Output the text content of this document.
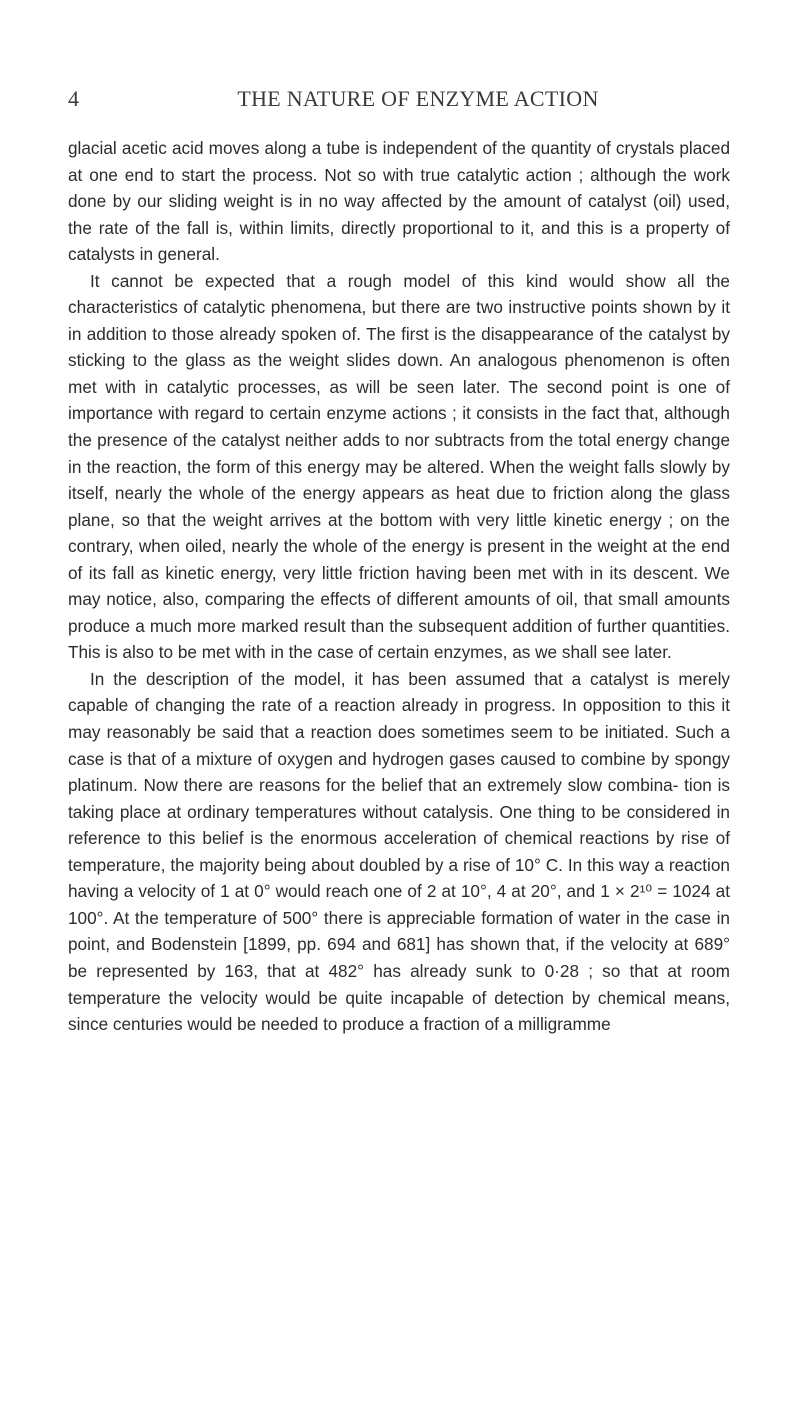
4	THE NATURE OF ENZYME ACTION

glacial acetic acid moves along a tube is independent of the quantity of crystals placed at one end to start the process. Not so with true catalytic action ; although the work done by our sliding weight is in no way affected by the amount of catalyst (oil) used, the rate of the fall is, within limits, directly proportional to it, and this is a property of catalysts in general.

It cannot be expected that a rough model of this kind would show all the characteristics of catalytic phenomena, but there are two instructive points shown by it in addition to those already spoken of. The first is the disappearance of the catalyst by sticking to the glass as the weight slides down. An analogous phenomenon is often met with in catalytic processes, as will be seen later. The second point is one of importance with regard to certain enzyme actions ; it consists in the fact that, although the presence of the catalyst neither adds to nor subtracts from the total energy change in the reaction, the form of this energy may be altered. When the weight falls slowly by itself, nearly the whole of the energy appears as heat due to friction along the glass plane, so that the weight arrives at the bottom with very little kinetic energy ; on the contrary, when oiled, nearly the whole of the energy is present in the weight at the end of its fall as kinetic energy, very little friction having been met with in its descent. We may notice, also, comparing the effects of different amounts of oil, that small amounts produce a much more marked result than the subsequent addition of further quantities. This is also to be met with in the case of certain enzymes, as we shall see later.

In the description of the model, it has been assumed that a catalyst is merely capable of changing the rate of a reaction already in progress. In opposition to this it may reasonably be said that a reaction does sometimes seem to be initiated. Such a case is that of a mixture of oxygen and hydrogen gases caused to combine by spongy platinum. Now there are reasons for the belief that an extremely slow combina- tion is taking place at ordinary temperatures without catalysis. One thing to be considered in reference to this belief is the enormous acceleration of chemical reactions by rise of temperature, the majority being about doubled by a rise of 10° C. In this way a reaction having a velocity of 1 at 0° would reach one of 2 at 10°, 4 at 20°, and 1 × 2¹⁰ = 1024 at 100°. At the temperature of 500° there is appreciable formation of water in the case in point, and Bodenstein [1899, pp. 694 and 681] has shown that, if the velocity at 689° be represented by 163, that at 482° has already sunk to 0·28 ; so that at room temperature the velocity would be quite incapable of detection by chemical means, since centuries would be needed to produce a fraction of a milligramme
